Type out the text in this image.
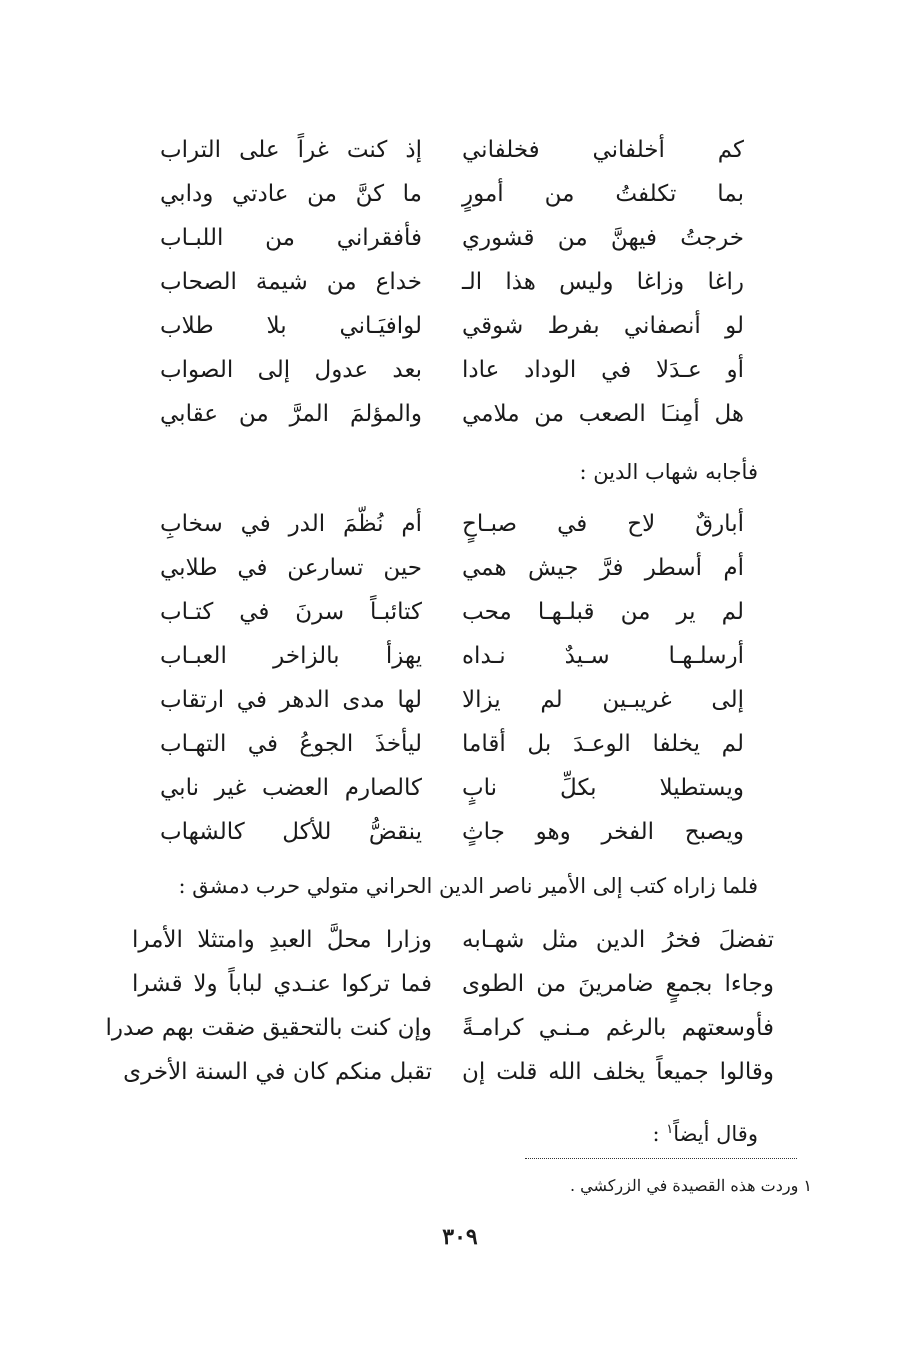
كم أخلفاني فخلفاني
إذ كنت غراً على التراب
بما تكلفتُ من أمورٍ
ما كنَّ من عادتي ودابي
خرجتُ فيهنَّ من قشوري
فأفقراني من اللبـاب
راغا وزاغا وليس هذا الـ
خداع من شيمة الصحاب
لو أنصفاني بفرط شوقي
لوافيَـاني بلا طلاب
أو عـدَلا في الوداد عادا
بعد عدول إلى الصواب
هل أمِنـَا الصعب من ملامي
والمؤلمَ المرَّ من عقابي
فأجابه شهاب الدين :
أبارقٌ لاح في صبـاحٍ
أم نُظّمَ الدر في سخابِ
أم أسطر فرَّ جيش همي
حين تسارعن في طلابي
لم ير من قبلـهـا محب
كتائبـاً سرنَ في كتـاب
أرسلـهـا سـيدٌ نـداه
يهزأ بالزاخر العبـاب
إلى غريبـين لم يزالا
لها مدى الدهر في ارتقاب
لم يخلفا الوعـدَ بل أقاما
ليأخذَ الجوعُ في التهـاب
ويستطيلا بكلِّ نابٍ
كالصارم العضب غير نابي
ويصبح الفخر وهو جاثٍ
ينقضُّ للأكل كالشهاب
فلما زاراه كتب إلى الأمير ناصر الدين الحراني متولي حرب دمشق :
تفضلَ فخرُ الدين مثل شهـابه
وزارا محلَّ العبدِ وامتثلا الأمرا
وجاءا بجمعٍ ضامرينَ من الطوى
فما تركوا عنـدي لباباً ولا قشرا
فأوسعتهم بالرغم مـنـي كرامـةً
وإن كنت بالتحقيق ضقت بهم صدرا
وقالوا جميعاً يخلف الله قلت إن
تقبل منكم كان في السنة الأخرى
وقال أيضاً$^١$ :
١ وردت هذه القصيدة في الزركشي .
٣٠٩
